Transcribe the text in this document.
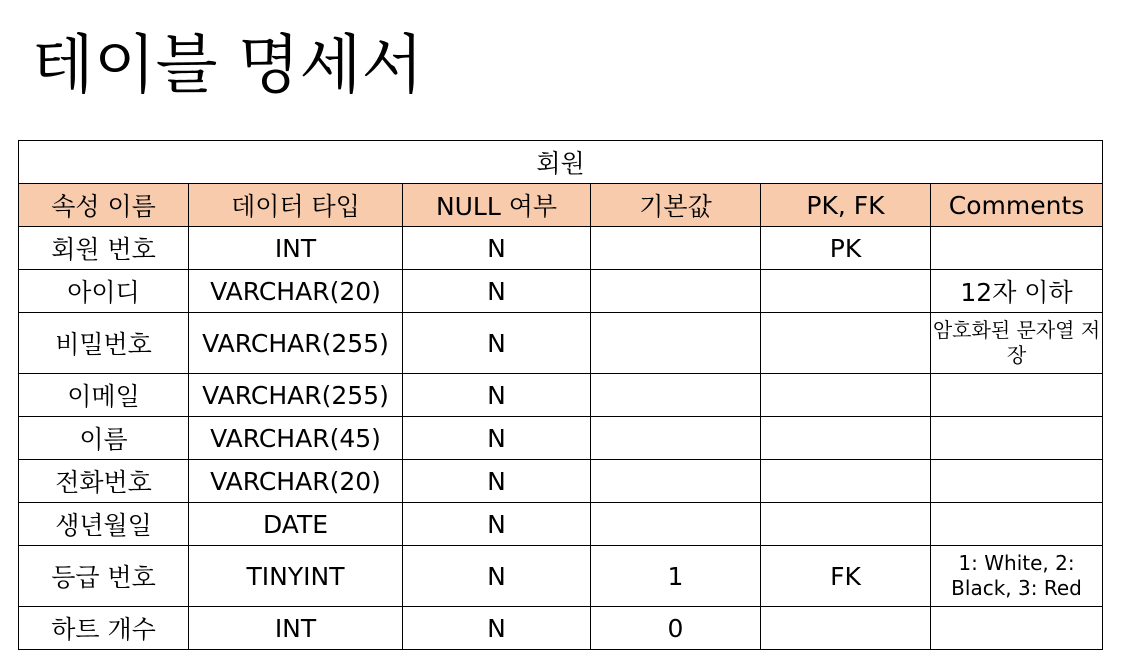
테이블 명세서
회원					
속성 이름	데이터 타입	NULL 여부	기본값	PK, FK	Comments
회원 번호	INT	N		PK	
아이디	VARCHAR(20)	N			12자 이하
비밀번호	VARCHAR(255)	N			암호화된 문자열 저장
이메일	VARCHAR(255)	N			
이름	VARCHAR(45)	N			
전화번호	VARCHAR(20)	N			
생년월일	DATE	N			
등급 번호	TINYINT	N	1	FK	1: White, 2: Black, 3: Red
하트 개수	INT	N	0		
